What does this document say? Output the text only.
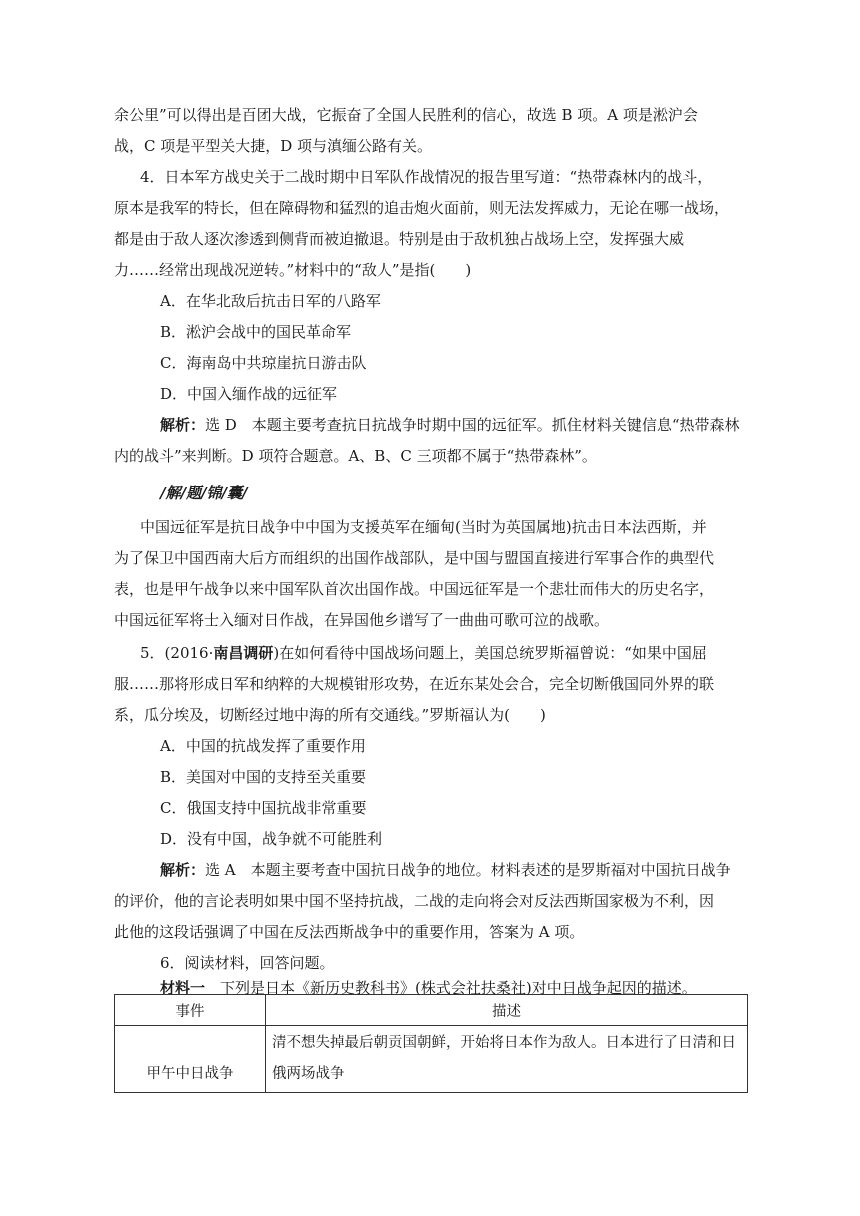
余公里”可以得出是百团大战，它振奋了全国人民胜利的信心，故选 B 项。A 项是淞沪会

战，C 项是平型关大捷，D 项与滇缅公路有关。

4．日本军方战史关于二战时期中日军队作战情况的报告里写道：“热带森林内的战斗，

原本是我军的特长，但在障碍物和猛烈的追击炮火面前，则无法发挥威力，无论在哪一战场，

都是由于敌人逐次渗透到侧背而被迫撤退。特别是由于敌机独占战场上空，发挥强大威

力……经常出现战况逆转。”材料中的“敌人”是指(　　)

A．在华北敌后抗击日军的八路军

B．淞沪会战中的国民革命军

C．海南岛中共琼崖抗日游击队

D．中国入缅作战的远征军

解析：选 D　本题主要考查抗日抗战争时期中国的远征军。抓住材料关键信息“热带森林

内的战斗”来判断。D 项符合题意。A、B、C 三项都不属于“热带森林”。

/解/题/锦/囊/

中国远征军是抗日战争中中国为支援英军在缅甸(当时为英国属地)抗击日本法西斯，并

为了保卫中国西南大后方而组织的出国作战部队，是中国与盟国直接进行军事合作的典型代

表，也是甲午战争以来中国军队首次出国作战。中国远征军是一个悲壮而伟大的历史名字，

中国远征军将士入缅对日作战，在异国他乡谱写了一曲曲可歌可泣的战歌。

5．(2016·南昌调研)在如何看待中国战场问题上，美国总统罗斯福曾说：“如果中国屈

服……那将形成日军和纳粹的大规模钳形攻势，在近东某处会合，完全切断俄国同外界的联

系，瓜分埃及，切断经过地中海的所有交通线。”罗斯福认为(　　)

A．中国的抗战发挥了重要作用

B．美国对中国的支持至关重要

C．俄国支持中国抗战非常重要

D．没有中国，战争就不可能胜利

解析：选 A　本题主要考查中国抗日战争的地位。材料表述的是罗斯福对中国抗日战争

的评价，他的言论表明如果中国不坚持抗战，二战的走向将会对反法西斯国家极为不利，因

此他的这段话强调了中国在反法西斯战争中的重要作用，答案为 A 项。

6．阅读材料，回答问题。

材料一　下列是日本《新历史教科书》(株式会社扶桑社)对中日战争起因的描述。

事件	描述
甲午中日战争	清不想失掉最后朝贡国朝鲜，开始将日本作为敌人。日本进行了日清和日俄两场战争
